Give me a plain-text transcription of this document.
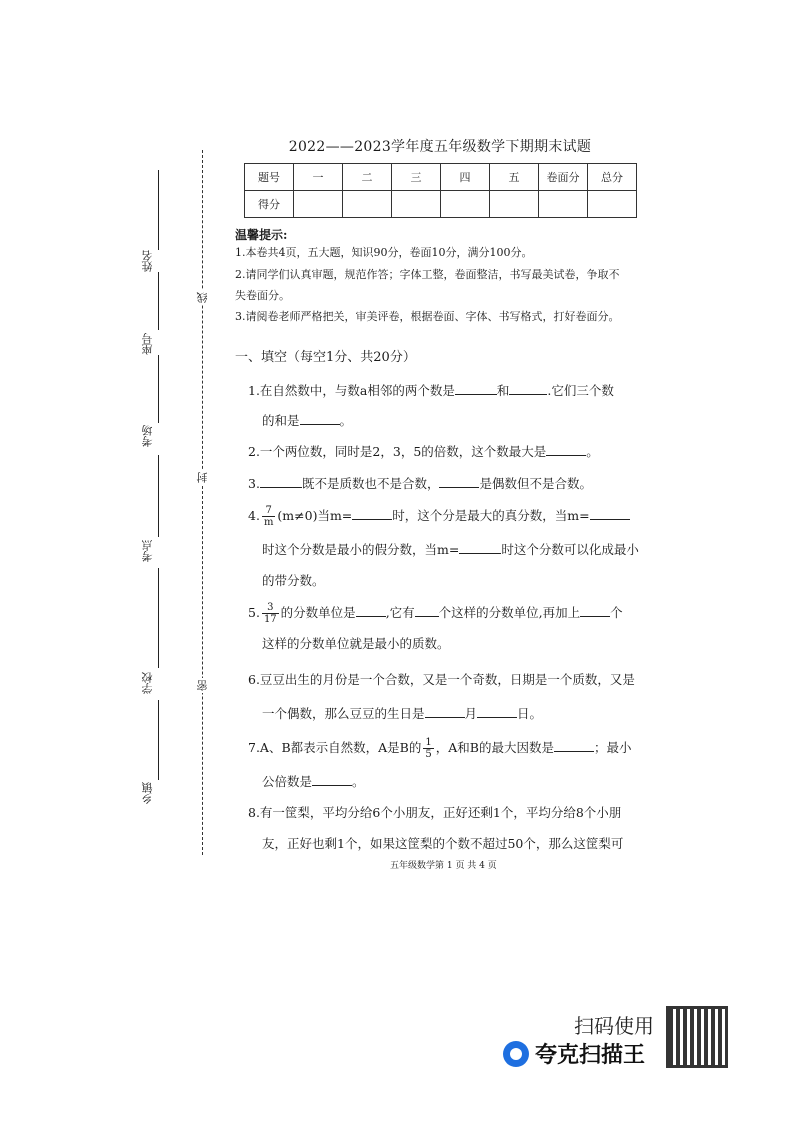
2022——2023学年度五年级数学下期期末试题
题号	一	二	三	四	五	卷面分	总分
得分							
温馨提示:
1.本卷共4页，五大题，知识90分，卷面10分，满分100分。
2.请同学们认真审题，规范作答；字体工整，卷面整洁，书写最美试卷，争取不
失卷面分。
3.请阅卷老师严格把关，审美评卷，根据卷面、字体、书写格式，打好卷面分。
一、填空（每空1分、共20分）
1.在自然数中，与数a相邻的两个数是	和	.它们三个数
的和是	。
2.一个两位数，同时是2，3，5的倍数，这个数最大是	。
3.	既不是质数也不是合数，	是偶数但不是合数。
4. $\frac{7}{m} (m\ne 0)$当m=	时，这个分是最大的真分数，当m=
时这个分数是最小的假分数，当m=	时这个分数可以化成最小
的带分数。
5. $\frac{3}{17}$ 的分数单位是 ,它有 个这样的分数单位,再加上 个
这样的分数单位就是最小的质数。
6.豆豆出生的月份是一个合数，又是一个奇数，日期是一个质数，又是
一个偶数，那么豆豆的生日是	月	日。
7.A、B都表示自然数，A是B的 $\frac{1}{5}$ ，A和B的最大因数是	；最小
公倍数是	。
8.有一筐梨，平均分给6个小朋友，正好还剩1个，平均分给8个小朋
友，正好也剩1个，如果这筐梨的个数不超过50个，那么这筐梨可
五年级数学第 1 页 共 4 页
线
封
密
姓名
座号
考场
考点
学校
乡镇
扫码使用
夸克扫描王
